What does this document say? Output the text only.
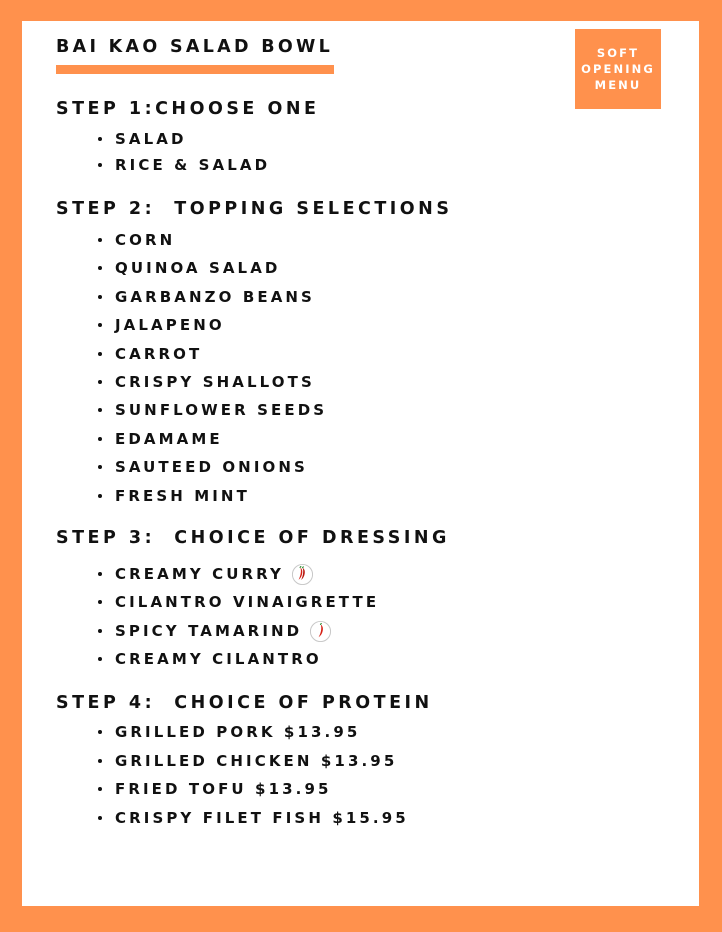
BAI KAO SALAD BOWL	SOFT
OPENING
MENU
STEP 1:CHOOSE ONE
STEP 2:  TOPPING SELECTIONS
STEP 3:  CHOICE OF DRESSING
STEP 4:  CHOICE OF PROTEIN
SALAD
RICE & SALAD
CORN
QUINOA SALAD
GARBANZO BEANS
JALAPENO
CARROT
CRISPY SHALLOTS
SUNFLOWER SEEDS
EDAMAME
SAUTEED ONIONS
FRESH MINT
CREAMY CURRY
CILANTRO VINAIGRETTE
SPICY TAMARIND
CREAMY CILANTRO
GRILLED PORK $13.95
GRILLED CHICKEN $13.95
FRIED TOFU $13.95
CRISPY FILET FISH $15.95
